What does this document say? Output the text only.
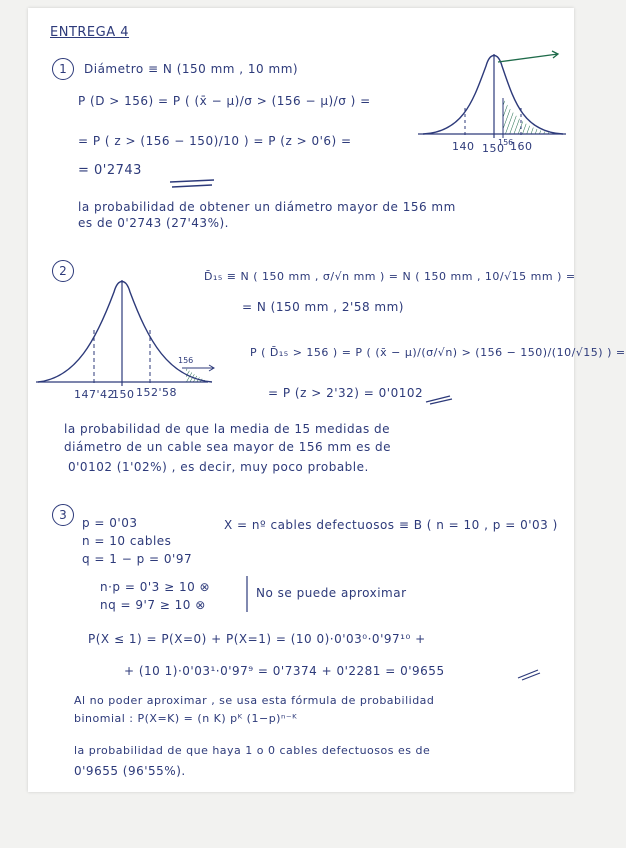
ENTREGA 4
1	Diámetro ≡ N (150 mm , 10 mm)
P (D > 156) = P ( (x̄ − μ)/σ > (156 − μ)/σ ) =
= P ( z > (156 − 150)/10 ) = P (z > 0'6) =
= 0'2743
la probabilidad de obtener un diámetro mayor de 156 mm
es de 0'2743 (27'43%).
140 150
156
160
2	D̄₁₅ ≡ N ( 150 mm , σ/√n mm ) = N ( 150 mm , 10/√15 mm ) =
= N (150 mm , 2'58 mm)
P ( D̄₁₅ > 156 ) = P ( (x̄ − μ)/(σ/√n) > (156 − 150)/(10/√15) ) =
= P (z > 2'32) = 0'0102
la probabilidad de que la media de 15 medidas de
diámetro de un cable sea mayor de 156 mm es de
0'0102 (1'02%) , es decir, muy poco probable.
156
147'42
150 152'58
3
p = 0'03
n = 10 cables
q = 1 − p = 0'97
X = nº cables defectuosos ≡ B ( n = 10 , p = 0'03 )
n·p = 0'3 ≥ 10 ⊗
nq = 9'7 ≥ 10 ⊗
No se puede aproximar
P(X ≤ 1) = P(X=0) + P(X=1) = (10 0)·0'03⁰·0'97¹⁰ +
+ (10 1)·0'03¹·0'97⁹ = 0'7374 + 0'2281 = 0'9655
Al no poder aproximar , se usa esta fórmula de probabilidad
binomial : P(X=K) = (n K) pᴷ (1−p)ⁿ⁻ᴷ
la probabilidad de que haya 1 o 0 cables defectuosos es de
0'9655 (96'55%).
